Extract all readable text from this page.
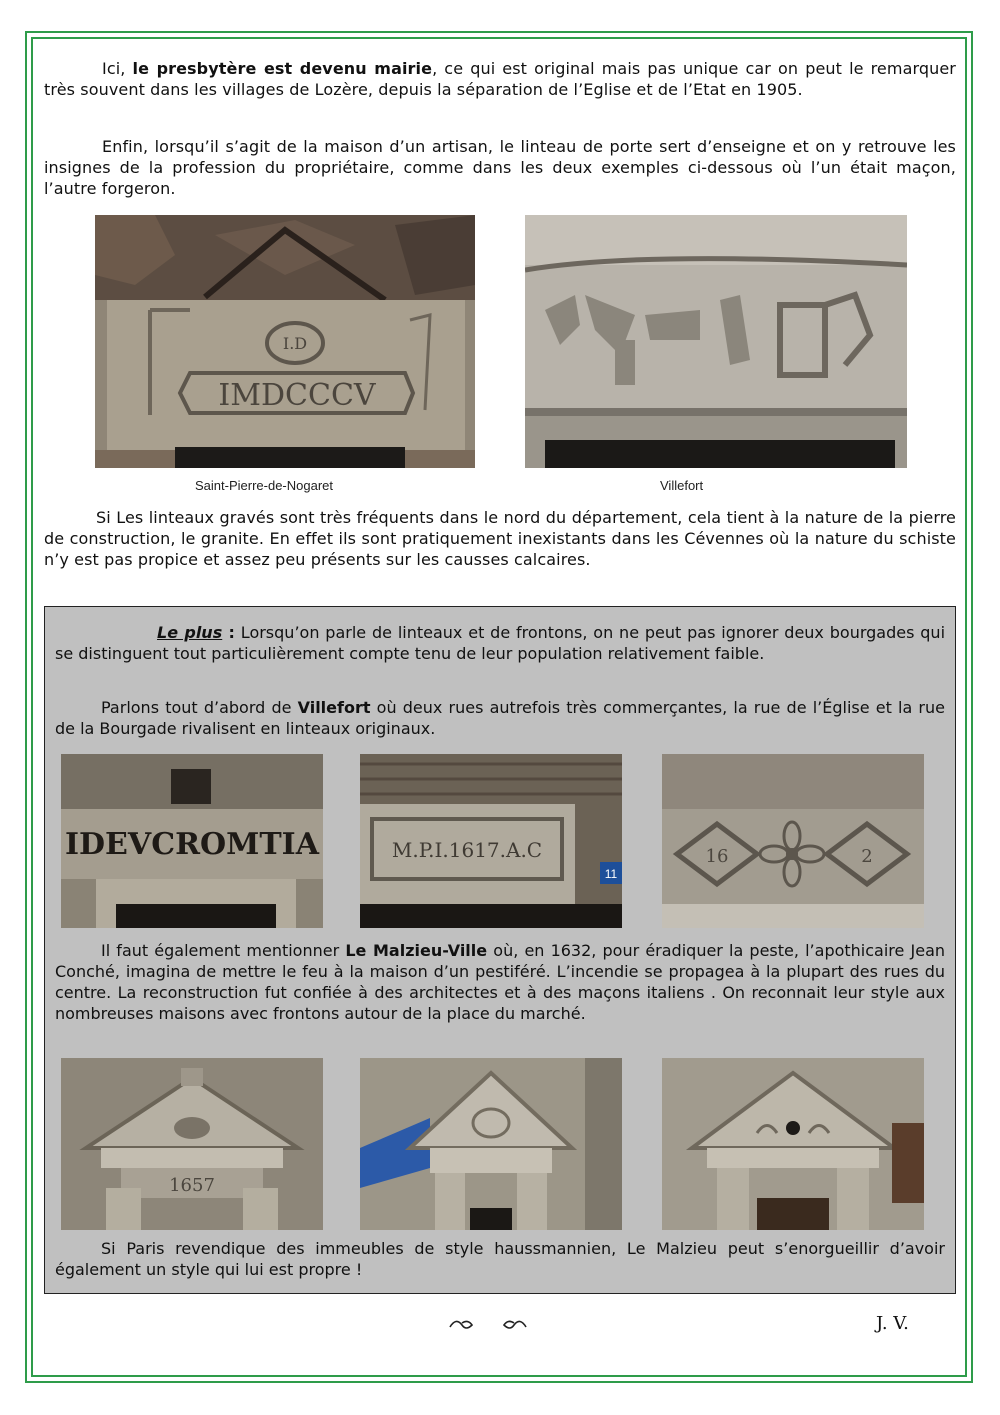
Ici, le presbytère est devenu mairie, ce qui est original mais pas unique car on peut le remarquer très souvent dans les villages de Lozère, depuis la séparation de l’Eglise et de l’Etat en 1905.

Enfin, lorsqu’il s’agit de la maison d’un artisan, le linteau de porte sert d’enseigne et on y retrouve les insignes de la profession du propriétaire, comme dans les deux exemples ci-dessous où l’un était maçon, l’autre forgeron.

I.D
IMDCCCV
Saint-Pierre-de-Nogaret	Villefort

Si Les linteaux gravés sont très fréquents dans le nord du département, cela tient à la nature de la pierre de construction, le granite. En effet ils sont pratiquement inexistants dans les Cévennes où la nature du schiste n’y est pas propice et assez peu présents sur les causses calcaires.

Le plus : Lorsqu’on parle de linteaux et de frontons, on ne peut pas ignorer deux bourgades qui se distinguent tout particulièrement compte tenu de leur population relativement faible.

Parlons tout d’abord de Villefort où deux rues autrefois très commerçantes, la rue de l’Église et la rue de la Bourgade rivalisent en linteaux originaux.

IDEVCROMTIA	M.P.I.1617.A.C
11
16	2

Il faut également mentionner Le Malzieu-Ville où, en 1632, pour éradiquer la peste, l’apothicaire Jean Conché, imagina de mettre le feu à la maison d’un pestiféré. L’incendie se propagea à la plupart des rues du centre. La reconstruction fut confiée à des architectes et à des maçons italiens . On reconnait leur style aux nombreuses maisons avec frontons autour de la place du marché.

1657

Si Paris revendique des immeubles de style haussmannien, Le Malzieu peut s’enorgueillir d’avoir également un style qui lui est propre !

J. V.
